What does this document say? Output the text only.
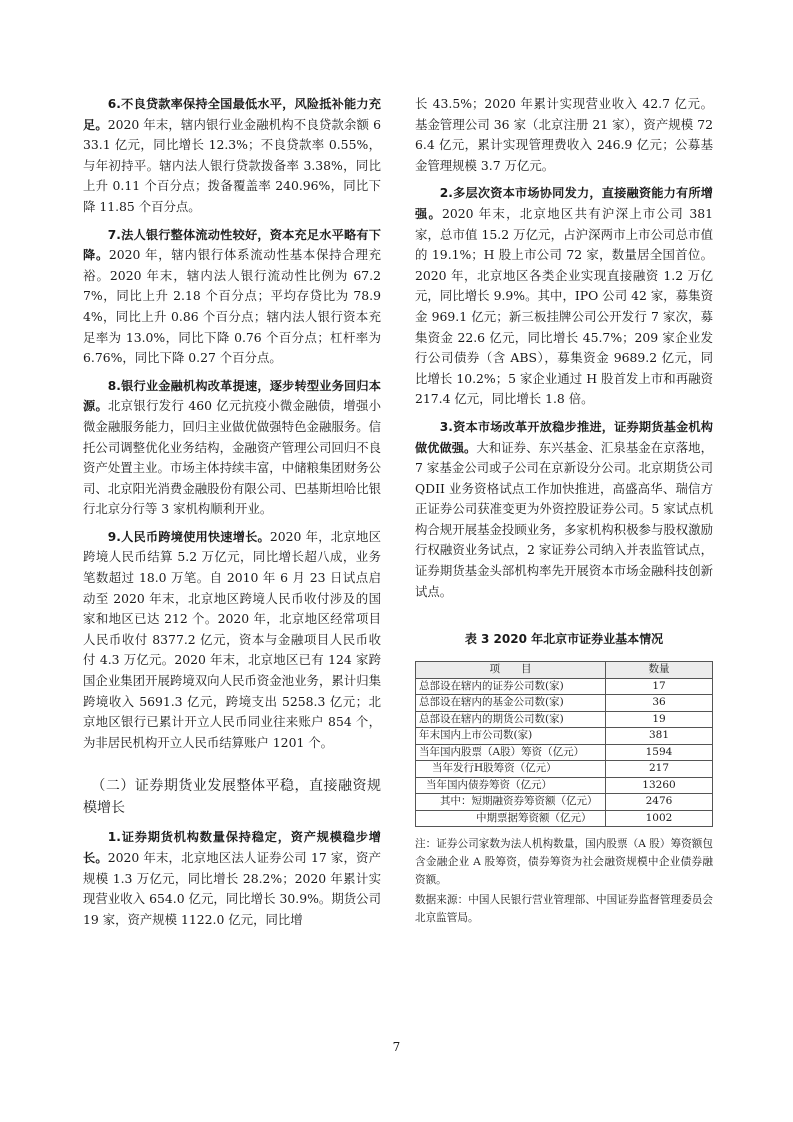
6.不良贷款率保持全国最低水平，风险抵补能力充足。2020 年末，辖内银行业金融机构不良贷款余额 633.1 亿元，同比增长 12.3%；不良贷款率 0.55%，与年初持平。辖内法人银行贷款拨备率 3.38%，同比上升 0.11 个百分点；拨备覆盖率 240.96%，同比下降 11.85 个百分点。

7.法人银行整体流动性较好，资本充足水平略有下降。2020 年，辖内银行体系流动性基本保持合理充裕。2020 年末，辖内法人银行流动性比例为 67.27%，同比上升 2.18 个百分点；平均存贷比为 78.94%，同比上升 0.86 个百分点；辖内法人银行资本充足率为 13.0%，同比下降 0.76 个百分点；杠杆率为 6.76%，同比下降 0.27 个百分点。

8.银行业金融机构改革提速，逐步转型业务回归本源。北京银行发行 460 亿元抗疫小微金融债，增强小微金融服务能力，回归主业做优做强特色金融服务。信托公司调整优化业务结构，金融资产管理公司回归不良资产处置主业。市场主体持续丰富，中储粮集团财务公司、北京阳光消费金融股份有限公司、巴基斯坦哈比银行北京分行等 3 家机构顺利开业。

9.人民币跨境使用快速增长。2020 年，北京地区跨境人民币结算 5.2 万亿元，同比增长超八成，业务笔数超过 18.0 万笔。自 2010 年 6 月 23 日试点启动至 2020 年末，北京地区跨境人民币收付涉及的国家和地区已达 212 个。2020 年，北京地区经常项目人民币收付 8377.2 亿元，资本与金融项目人民币收付 4.3 万亿元。2020 年末，北京地区已有 124 家跨国企业集团开展跨境双向人民币资金池业务，累计归集跨境收入 5691.3 亿元，跨境支出 5258.3 亿元；北京地区银行已累计开立人民币同业往来账户 854 个，为非居民机构开立人民币结算账户 1201 个。

（二）证券期货业发展整体平稳，直接融资规模增长

1.证券期货机构数量保持稳定，资产规模稳步增长。2020 年末，北京地区法人证券公司 17 家，资产规模 1.3 万亿元，同比增长 28.2%；2020 年累计实现营业收入 654.0 亿元，同比增长 30.9%。期货公司 19 家，资产规模 1122.0 亿元，同比增

长 43.5%；2020 年累计实现营业收入 42.7 亿元。基金管理公司 36 家（北京注册 21 家），资产规模 726.4 亿元，累计实现管理费收入 246.9 亿元；公募基金管理规模 3.7 万亿元。

2.多层次资本市场协同发力，直接融资能力有所增强。2020 年末，北京地区共有沪深上市公司 381 家，总市值 15.2 万亿元，占沪深两市上市公司总市值的 19.1%；H 股上市公司 72 家，数量居全国首位。2020 年，北京地区各类企业实现直接融资 1.2 万亿元，同比增长 9.9%。其中，IPO 公司 42 家，募集资金 969.1 亿元；新三板挂牌公司公开发行 7 家次，募集资金 22.6 亿元，同比增长 45.7%；209 家企业发行公司债券（含 ABS），募集资金 9689.2 亿元，同比增长 10.2%；5 家企业通过 H 股首发上市和再融资 217.4 亿元，同比增长 1.8 倍。

3.资本市场改革开放稳步推进，证券期货基金机构做优做强。大和证券、东兴基金、汇泉基金在京落地，7 家基金公司或子公司在京新设分公司。北京期货公司 QDII 业务资格试点工作加快推进，高盛高华、瑞信方正证券公司获准变更为外资控股证券公司。5 家试点机构合规开展基金投顾业务，多家机构积极参与股权激励行权融资业务试点，2 家证券公司纳入并表监管试点，证券期货基金头部机构率先开展资本市场金融科技创新试点。

表 3 2020 年北京市证券业基本情况
项　　目	数量
总部设在辖内的证券公司数(家)	17
总部设在辖内的基金公司数(家)	36
总部设在辖内的期货公司数(家)	19
年末国内上市公司数(家)	381
当年国内股票（A股）筹资（亿元）	1594
当年发行H股筹资（亿元）	217
当年国内债券筹资（亿元）	13260
其中：短期融资券筹资额（亿元）	2476
中期票据筹资额（亿元）	1002

注：证券公司家数为法人机构数量，国内股票（A 股）筹资额包含金融企业 A 股筹资，债券筹资为社会融资规模中企业债券融资额。

数据来源：中国人民银行营业管理部、中国证券监督管理委员会北京监管局。

7
